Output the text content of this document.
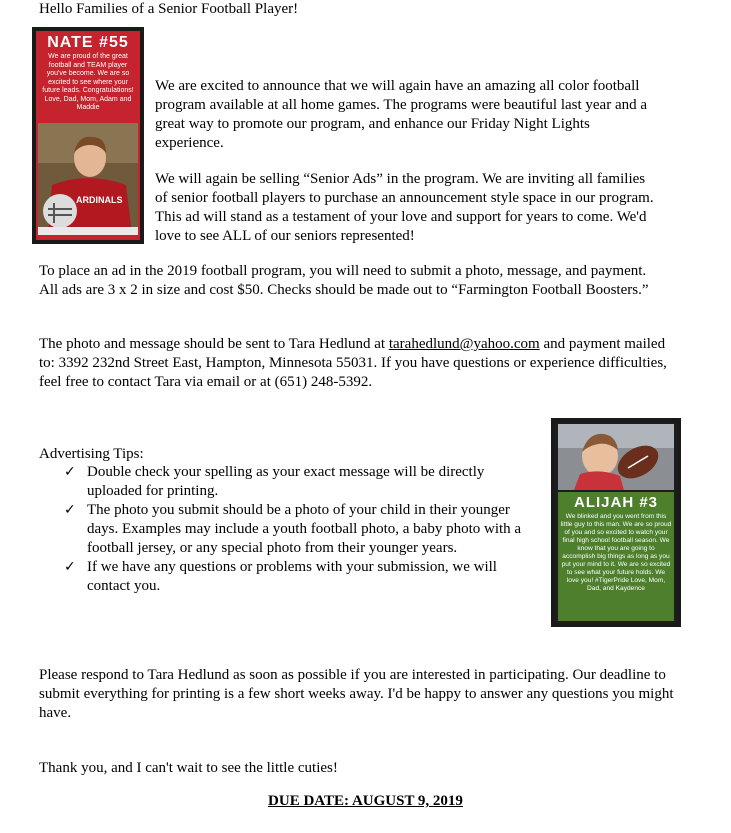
Hello Families of a Senior Football Player!

NATE #55
We are proud of the great football and TEAM player you've become. We are so excited to see where your future leads. Congratulations! Love, Dad, Mom, Adam and Maddie
ARDINALS

We are excited to announce that we will again have an amazing all color football program available at all home games. The programs were beautiful last year and a great way to promote our program, and enhance our Friday Night Lights experience.

We will again be selling “Senior Ads” in the program. We are inviting all families of senior football players to purchase an announcement style space in our program. This ad will stand as a testament of your love and support for years to come. We'd love to see ALL of our seniors represented!

To place an ad in the 2019 football program, you will need to submit a photo, message, and payment. All ads are 3 x 2 in size and cost $50. Checks should be made out to “Farmington Football Boosters.”

The photo and message should be sent to Tara Hedlund at tarahedlund@yahoo.com and payment mailed to: 3392 232nd Street East, Hampton, Minnesota 55031. If you have questions or experience difficulties, feel free to contact Tara via email or at (651) 248-5392.

Advertising Tips:

✓ Double check your spelling as your exact message will be directly uploaded for printing.
✓ The photo you submit should be a photo of your child in their younger days. Examples may include a youth football photo, a baby photo with a football jersey, or any special photo from their younger years.
✓ If we have any questions or problems with your submission, we will contact you.
ALIJAH #3
We blinked and you went from this little guy to this man. We are so proud of you and so excited to watch your final high school football season. We know that you are going to accomplish big things as long as you put your mind to it. We are so excited to see what your future holds. We love you! #TigerPride Love, Mom, Dad, and Kaydence

Please respond to Tara Hedlund as soon as possible if you are interested in participating. Our deadline to submit everything for printing is a few short weeks away. I'd be happy to answer any questions you might have.

Thank you, and I can't wait to see the little cuties!

DUE DATE: AUGUST 9, 2019
